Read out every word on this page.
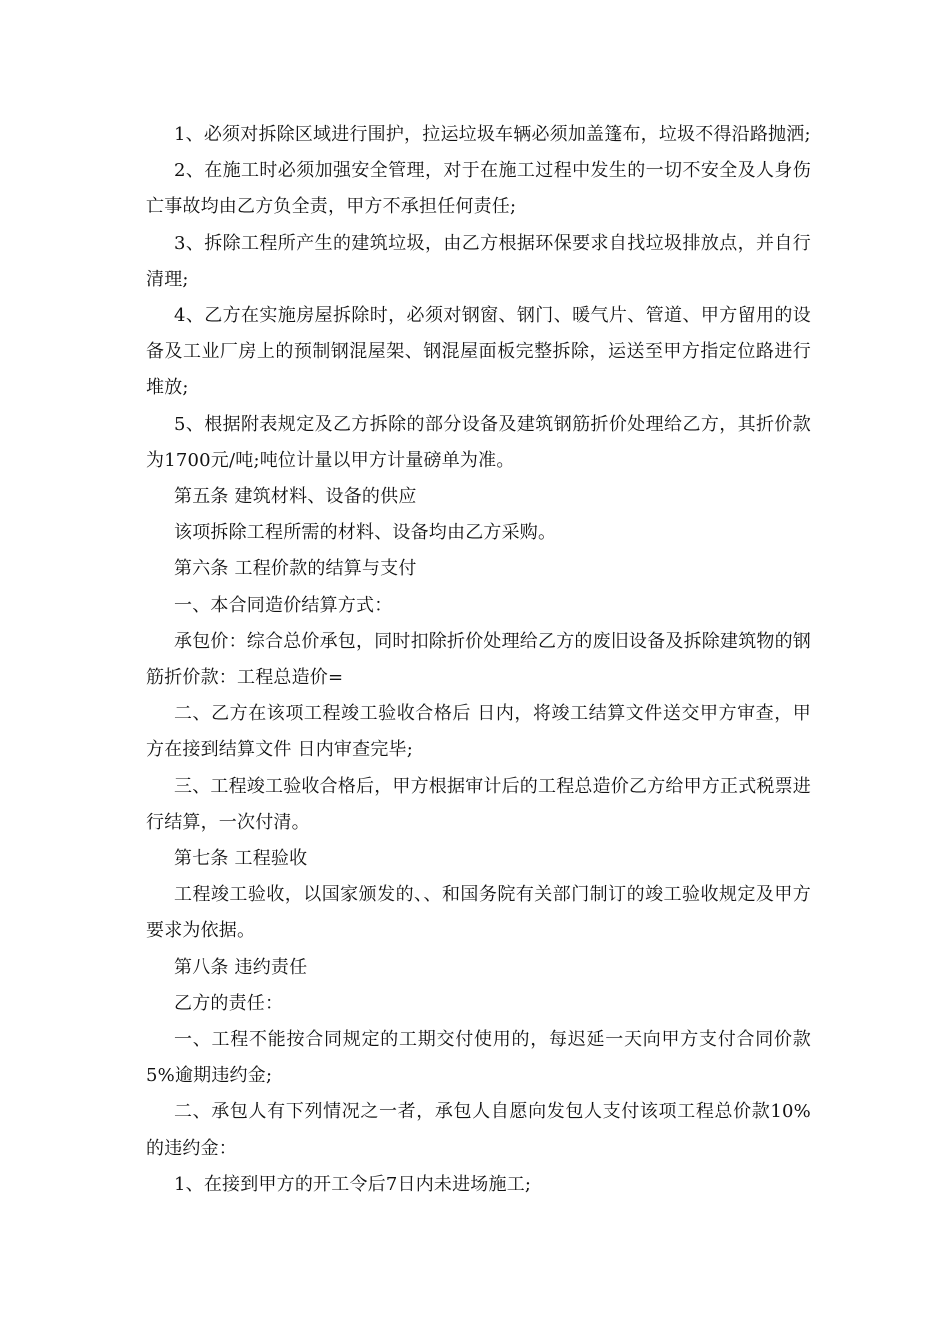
1、必须对拆除区域进行围护，拉运垃圾车辆必须加盖篷布，垃圾不得沿路抛洒;

2、在施工时必须加强安全管理，对于在施工过程中发生的一切不安全及人身伤亡事故均由乙方负全责，甲方不承担任何责任;

3、拆除工程所产生的建筑垃圾，由乙方根据环保要求自找垃圾排放点，并自行清理;

4、乙方在实施房屋拆除时，必须对钢窗、钢门、暖气片、管道、甲方留用的设备及工业厂房上的预制钢混屋架、钢混屋面板完整拆除，运送至甲方指定位路进行堆放;

5、根据附表规定及乙方拆除的部分设备及建筑钢筋折价处理给乙方，其折价款为1700元/吨;吨位计量以甲方计量磅单为准。

第五条 建筑材料、设备的供应

该项拆除工程所需的材料、设备均由乙方采购。

第六条 工程价款的结算与支付

一、本合同造价结算方式：

承包价：综合总价承包，同时扣除折价处理给乙方的废旧设备及拆除建筑物的钢筋折价款：工程总造价=

二、乙方在该项工程竣工验收合格后 日内，将竣工结算文件送交甲方审查，甲方在接到结算文件 日内审查完毕;

三、工程竣工验收合格后，甲方根据审计后的工程总造价乙方给甲方正式税票进行结算，一次付清。

第七条 工程验收

工程竣工验收，以国家颁发的、、和国务院有关部门制订的竣工验收规定及甲方要求为依据。

第八条 违约责任

乙方的责任：

一、工程不能按合同规定的工期交付使用的，每迟延一天向甲方支付合同价款5%逾期违约金;

二、承包人有下列情况之一者，承包人自愿向发包人支付该项工程总价款10%的违约金：

1、在接到甲方的开工令后7日内未进场施工;
